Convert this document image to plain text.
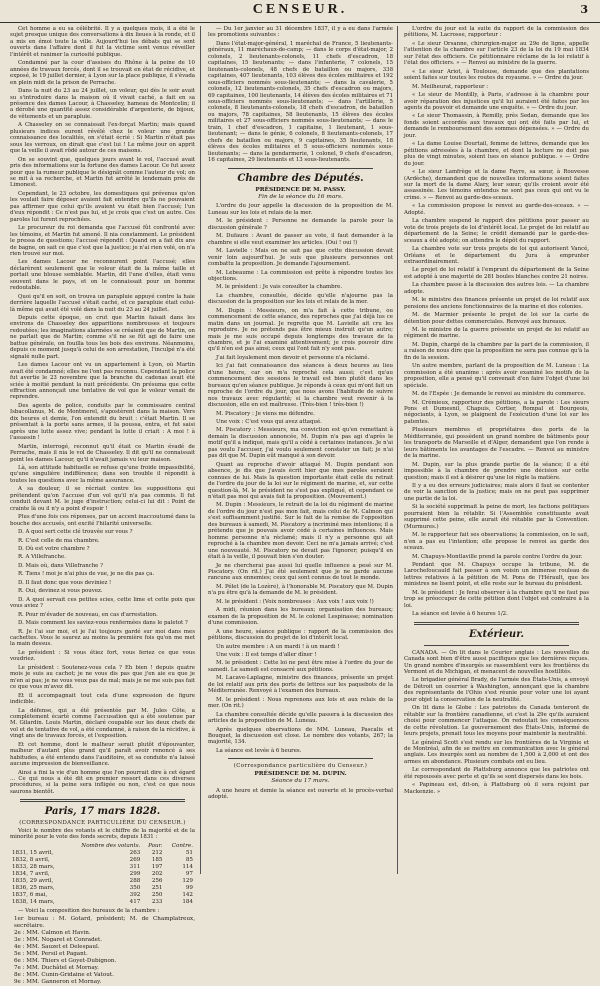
CENSEUR.	3

Cet homme a eu sa célébrité. Il y a quelques mois, il a été le sujet presque unique des conversations à dix lieues à la ronde, et il a mis en émoi toute la ville. Aujourd'hui les débats qui se sont ouverts dans l'affaire dont il fut la victime sont venus réveiller l'intérêt et ranimer la curiosité publique.

Condamné par la cour d'assises du Rhône à la peine de 10 années de travaux forcés, dont il se trouvait en état de récidive, et exposé, le 19 juillet dernier, à Lyon sur la place publique, il s'évada en plein midi de la prison de Perrache.

Dans la nuit du 23 au 24 juillet, un voleur, qui dès le soir avait su s'introduire dans la maison où il vivait caché, a fait en sa présence des dames Lacour, à Chasseley, hameau de Montcelin; il a dérobé une quantité assez considérable d'argenterie, de bijoux, de vêtements et un parapluie.

A Chasseley on se connaissait l'ex-forçat Martin; mais quand plusieurs indices eurent révélé chez le voleur une grande connaissance des localités, on s'était écrié : Si Martin n'était pas sous les verroux, on dirait que c'est lui ! Le même jour on apprit que la veille il avait rôdé autour de ces maisons.

On se souvint que, quelques jours avant le vol, l'accusé avait pris des informations sur la fortune des dames Lacour. Ce fut assez pour que la rumeur publique le désignât comme l'auteur du vol; on se mit à sa recherche, et Martin fut arrêté le lendemain près de Limonest.

Cependant, le 23 octobre, les domestiques qui prévenus qu'on les voulait faire déposer avaient fait entendre qu'ils ne pouvaient pas affirmer que celui qu'ils avaient vu était bien l'accusé; l'un d'eux répondit : Ce n'est pas lui, et je crois que c'est un autre. Ces paroles lui furent reprochées.

Le procureur du roi demanda que l'accusé fût confronté avec les témoins, et Martin fut amené. Il nia constamment. Le président le pressa de questions; l'accusé répondit : Quand on a fait dix ans de bagne, on sait ce que c'est que la justice; je n'ai rien volé, on n'a rien trouvé sur moi.

Les dames Lacour ne reconnurent point l'accusé; elles déclarèrent seulement que le voleur était de la même taille et portait une blouse semblable. Martin, dit l'une d'elles, était venu souvent dans le pays, et on le connaissait pour un homme redoutable.

Quoi qu'il en soit, on trouva un parapluie appuyé contre la haie derrière laquelle l'accusé s'était caché, et ce parapluie était celui-là même qui avait été volé dans la nuit du 23 au 24 juillet.

Depuis cette époque, on crut que Martin faisait dans les environs de Chasseley des apparitions nombreuses et toujours redoutées; les imaginations alarmées se créaient que de Martin, on ne parlait que de Martin; comme s'il ne se fût agi de faire une battue générale, on fouilla tous les bois des environs. Néanmoins, depuis ce moment jusqu'à celui de son arrestation, l'inculpé n'a été signalé nulle part.

Les dames Lacour ont vu un appartement à Lyon, où Martin avait été condamné; elles ne l'ont pas reconnu. Cependant la police fut avertie le 23 novembre que la branche du cadenas avait été sciée à moitié pendant la nuit précédente. On présuma que cette effraction annonçait une tentative de vol que le voleur venait de reprendre.

Des agents de police, conduits par le commissaire central Isbacollanus, M. de Montmerel, s'apostèrent dans la maison. Vers dix heures et demie, l'on entendit du bruit : c'était Martin. Il se présentait à la porte sans armes, il la poussa, entra, et fut saisi après une lutte assez vive; pendant la lutte il criait : A moi ! à l'assassin !

Martin, interrogé, reconnut qu'il était ce Martin évadé de Perrache, mais il nia le vol de Chasseley. Il dit qu'il ne connaissait point les dames Lacour, qu'il n'avait jamais vu leur maison.

Là, son attitude habituelle se refuse qu'une froide impassibilité, qu'une singulière indifférence; dans son trouble il répondit à toutes les questions avec la même assurance.

A sa douleur, il se récriait contre les suppositions qui prétendent qu'on l'accuse d'un vol qu'il n'a pas commis. Il fut conduit devant M. le juge d'instruction; celui-ci lui dit : Point de crainte là ou il n'y a point d'espoir !

Plus d'une fois ces réponses, par un accent inaccoutumé dans la bouche des accusés, ont excité l'hilarité universelle.

D. A quoi sert cette clé trouvée sur vous ?

R. C'est celle de ma chambre.

D. Où est votre chambre ?

R. A Villefranche.

D. Mais où, dans Villefranche ?

R. Tiens ! moi je n'ai plus de vue, je ne dis pas ça.

D. Il faut donc que vous deviniez !

R. Oui, devinez si vous pouvez.

D. A quoi servait ces petites scies, cette lime et cette poix que vous aviez ?

R. Pour m'évader de nouveau, en cas d'arrestation.

D. Mais comment les saviez-vous renfermées dans le paletot ?

R. Je l'ai sur moi, et je l'ai toujours gardé sur moi dans mes cachettes. Vous le saurez au moins la première fois qu'on me met la main dessus.

Le président : Si vous étiez fort, vous feriez ce que vous voudriez.

Le président : Soutenez-vous cela ? Eh bien ! depuis quatre mois je suis au cachot; je ne vous dis pas que j'en aie eu que je m'en ai pas; je ne vous veux pas de mal; mais je ne me suis pas fait ce que vous m'avez dit.

Et il accompagnait tout cela d'une expression de figure indicible.

La défense, qui a été présentée par M. Jules Côte, a complètement écarté comme l'accusation qui a été soutenue par M. Gilardin. Louis Martin, déclaré coupable sur les deux chefs de vol et de tentative de vol, a été condamné, à raison de la récidive, à vingt ans de travaux forcés, et l'exposition.

Et cet homme, dont le malheur serait plutôt d'épouvanter, malheur d'autant plus grand qu'il paraît avoir renoncé à ses habitudes, a été entendu dans l'auditoire, et sa conduite n'a laissé aucune impression de bienveillance.

Ainsi a fini la vie d'un homme que l'on pourrait dire à cet égard ... Ce qui nous a été dit en premier ressort dans ces diverses procédures, si la peine sera infligée ou non, c'est ce que nous saurons bientôt.

Paris, 17 mars 1828.
(CORRESPONDANCE PARTICULIÈRE DU CENSEUR.)

Voici le nombre des votants et le chiffre de la majorité et de la minorité pour le vote des fonds secrets, depuis 1831 :

	Nombre des votants.	Pour.	Contre.
1831, 15 avril,	263	212	51
1832, 8 avril,	269	185	85
1833, 28 mars,	311	197	114
1834, 7 avril,	299	202	97
1835, 29 avril,	288	256	129
1836, 25 mars,	350	251	99
1837, 6 mai,	392	250	142
1838, 14 mars,	417	233	184

— Voici la composition des bureaux de la chambre :

1er bureau : M. Gotard, président; M. de Champlatreux, secrétaire.
2e : MM. Calmon et Havin.
3e : MM. Nogaret et Conradet.
4e : MM. Sauzet et Delespaul.
5e : MM. Persil et Pagant.
6e : MM. Thiers et Goyet-Dubignon.
7e : MM. Duchâtel et Mornay.
8e : MM. Cunin-Gridaine et Vatout.
9e : MM. Ganneron et Mornay.

— Du 1er janvier au 31 décembre 1837, il y a eu dans l'armée les promotions suivantes :

Dans l'état-major-général, 1 maréchal de France, 5 lieutenants-généraux, 11 maréchaux-de-camp; — dans le corps d'état-major, 2 colonels, 2 lieutenants-colonels, 11 chefs d'escadron, 18 capitaines, 15 lieutenants; — dans l'infanterie, 7 colonels, 15 lieutenants-colonels, 48 chefs de bataillon ou majors, 338 capitaines, 407 lieutenants, 103 élèves des écoles militaires et 192 sous-officiers nommés sous-lieutenants; — dans la cavalerie, 5 colonels, 12 lieutenants-colonels, 35 chefs d'escadron ou majors, 69 capitaines, 100 lieutenants, 14 élèves des écoles militaires et 71 sous-officiers nommés sous-lieutenants; — dans l'artillerie, 5 colonels, 8 lieutenants-colonels, 18 chefs d'escadron, de bataillon ou majors, 78 capitaines, 58 lieutenants, 15 élèves des écoles militaires et 27 sous-officiers nommés sous-lieutenants; — dans le train, 1 chef d'escadron, 1 capitaine, 1 lieutenant, 1 sous-lieutenant; — dans le génie, 6 colonels, 8 lieutenants-colonels, 17 chefs de bataillon ou majors, 9 capitaines, 35 lieutenants, 18 élèves des écoles militaires et 5 sous-officiers nommés sous-lieutenants; — dans la gendarmerie, 1 colonel, 9 chefs d'escadron, 16 capitaines, 29 lieutenants et 13 sous-lieutenants.

Chambre des Députés.
PRÉSIDENCE DE M. PASSY.
Fin de la séance du 16 mars.

L'ordre du jour appelle la discussion de la proposition de M. Luneau sur les lois et relais de la mer.

M. le président : Personne ne demande la parole pour la discussion générale ?

M. Dufaure : Avant de passer au vote, il faut demander à la chambre si elle veut examiner les articles. (Oui ! oui !)

M. Lavielle : Mais on ne sait pas que cette discussion devait venir loin aujourd'hui. Je suis que plusieurs personnes ont combattu la proposition. Je demande l'ajournement.

M. Lebeaume : La commission est prête à répondre toutes les objections.

M. le président : Je vais consulter la chambre.

La chambre, consultée, décide qu'elle n'ajourne pas la discussion de la proposition sur les lois et relais de la mer.

M. Dupin : Messieurs, on m'a fait à cette tribune, ou commencement de cette séance, des reproches que j'ai déjà lus ce matin dans un journal. Je regrette que M. Lavielle ait cru les reproduire. Je ne prétends pas être mieux instruit qu'un autre; mais je me suis occupé depuis longtemps des travaux de la chambre, et je l'ai examiné attentivement; je crois pouvoir dire qu'il n'en est pas ainsi; ceux qui l'ont fait n'y sont pas.

J'ai fait loyalement mon devoir et personne n'a réclamé.

Ici j'ai fait connaissance des séances à deux heures au lieu d'une heure, car on m'a reproché cela aussi; c'est qu'au commencement des sessions le travail est bien plutôt dans les bureaux qu'en séance publique. Je réponds à ceux qui m'ont fait un reproche de l'ordre du jour, que nous avons l'habitude de suivre nos travaux avec régularité; si la chambre veut revenir à la discussion, elle en est maîtresse. (Très-bien ! très-bien !)

M. Piscatory : Je viens me défendre.

Une voix : C'est vous qui avez attaqué.

M. Piscatory : Messieurs, ma conviction est qu'en remettant à demain la discussion annoncée, M. Dupin n'a pas agi d'après le motif qu'il a indiqué, mais qu'il a cédé à certaines instances. Je n'ai pas voulu l'accuser, j'ai voulu seulement constater un fait; je n'ai pas dit que M. Dupin eût manqué à son devoir.

Quant au reproche d'avoir attaqué M. Dupin pendant son absence, je dis que j'avais écrit hier que mes paroles seraient connues de lui. Mais la question importante était celle du retrait de l'ordre du jour de la loi sur le régiment de marine, et, sur cette question-là, M. le président ne s'est pas expliqué, et cependant ce n'était pas moi qui avais fait la proposition. (Mouvement.)

M. Dupin : Messieurs, le retrait de la loi du régiment de marine de l'ordre du jour n'est pas mon fait, mais celui de M. Calmon qui s'est suffisamment justifié. Sur le fait de la remise de l'opposition des bureaux à samedi, M. Piscatory a incriminé mes intentions; il a prétendu que je pouvais avoir cédé à certaines influences. Mais homme personne n'a réclamé; mais il n'y a personne qui ait reproché à la chambre mon devoir. Ceci ne m'a jamais arrivé; c'est une nouveauté. M. Piscatory ne devait pas l'ignorer; puisqu'il en était à la veille, il pouvait bien s'en douter.

Je ne chercherai pas aussi lui quelle influence a pesé sur M. Piscatory. (On rit.) J'ai été seulement que je ne garde aucune rancune aux ennemies; ceux qui sont connus de tout le monde.

M. Pélet (de la Lozère), à l'honorable M. Piscatory que M. Dupin n'a pu être qu'à la demande de M. le président.

M. le président : (Voix nombreuses : Aux voix ! aux voix !)

A midi, réunion dans les bureaux; organisation des bureaux; examen de la proposition de M. le colonel Lespinasse; nomination d'une commission.

A une heure, séance publique : rapport de la commission des pétitions, discussion du projet de loi d'intérêt local.

Un autre membre : A un mardi ! à un mardi !

Une voix : Il est temps d'aller dîner !

M. le président : Cette loi ne peut être mise à l'ordre du jour de samedi. Le samedi est consacré aux pétitions.

M. Lacave-Laplagne, ministre des finances, présente un projet de loi relatif aux prix des ports de lettres sur les paquebots de la Méditerranée. Renvoyé à l'examen des bureaux.

M. le président : Nous reprenons aux lois et aux relais de la mer. (On rit.)

La chambre consultée décide qu'elle passera à la discussion des articles de la proposition de M. Luneau.

Après quelques observations de MM. Luneau, Pascalis et Bouquet, la discussion est close. Le nombre des votants, 267; la majorité, 134.

La séance est levée à 6 heures.

(Correspondance particulière du Censeur.)
PRÉSIDENCE DE M. DUPIN.
Séance du 17 mars.

A une heure et demie la séance est ouverte et le procès-verbal adopté.

L'ordre du jour est la suite du rapport de la commission des pétitions, M. Lacrosse, rapporteur :

« Le sieur Orsanne, chirurgien-major au 29e de ligne, appelle l'attention de la chambre sur l'article 23 de la loi du 19 mai 1834 sur l'état des officiers. Ce pétitionnaire réclame de la loi relatif à l'état des officiers. » — Renvoi au ministre de la guerre.

« Le sieur Ariot, à Toulouse, demande que des plantations soient faites sur toutes les routes du royaume. » — Ordre du jour.

M. Meilheurat, rapporteur :

« Le sieur de Montilly, à Paris, s'adresse à la chambre pour avoir réparation des injustices qu'il lui auraient été faites par les agents du pouvoir et demande une enquête. » — Ordre du jour.

« Le sieur Thomassin, à Remilly, près Sedan, demande que les fonds soient accordés aux travaux qui ont été faits par lui, et demande le remboursement des sommes dépensées. » — Ordre du jour.

« La dame Louise Dourtail, femme de lettres, demande que les pétitions adressées à la chambre, et dont la lecture ne doit pas plus de vingt minutes, soient lues en séance publique. » — Ordre du jour.

« Le sieur Lamfrège et la dame Fayre, sa sœur, à Rouvesse (Ardèche), demandent que de nouvelles informations soient faites sur la mort de la dame Alary, leur sœur, qu'ils croient avoir été assassinée. Les témoins entendus ne sont pas ceux qui ont vu le crime. » — Renvoi au garde-des-sceaux.

« La commission propose le renvoi au garde-des-sceaux. » — Adopté.

La chambre suspend le rapport des pétitions pour passer au vote de trois projets de loi d'intérêt local. Le projet de loi relatif au département de la Seine; le crédit demandé par le garde-des-sceaux a été adopté; on attendra le dépôt du rapport.

La chambre vote sur trois projets de loi qui autorisent Vancé, Orléans et le département du Jura à emprunter extraordinairement.

Le projet de loi relatif à l'emprunt du département de la Seine est adopté à une majorité de 281 boules blanches contre 21 noires.

La chambre passe à la discussion des autres lois. — La chambre adopte.

M. le ministre des finances présente un projet de loi relatif aux pensions des anciens fonctionnaires de la marine et des colonies.

M. de Marmier présente le projet de loi sur la carte de détention pour dettes commerciales. Renvoyé aux bureaux.

M. le ministre de la guerre présente un projet de loi relatif au régiment de marine.

M. Dupin, chargé de la chambre par la part de la commission, il a raison de nous dire que la proposition ne sera pas connue qu'à la fin de la session.

Un autre membre, parlant de la proposition de M. Luneau : La commission a été unanime : après avoir examiné les motifs de la proposition, elle a pensé qu'il convenait d'en faire l'objet d'une loi spéciale.

M. de l'Espée : Je demande le renvoi au ministre du commerce.

M. Crémieux, rapporteur des pétitions, a la parole : Les sieurs Pons et Dumesnil, Chapuis, Cortier, Rompal et Bourgeois, négociants, à Lyon, se plaignent de l'exécution d'une loi sur les patentes.

Plusieurs membres et propriétaires des ports de la Méditerranée, qui possèdent un grand nombre de bâtiments pour les transports de Marseille et d'Alger, demandent que l'on rende à leurs bâtiments les avantages de l'escadre. — Renvoi au ministre de la marine.

M. Dupin, sur la plus grande partie de la séance; il a été impossible à la chambre de prendre une décision sur cette question; mais il est à désirer qu'une loi règle la matière.

Il y a eu des erreurs judiciaires; mais alors il faut se contenter de voir la sanction de la justice; mais on ne peut pas supprimer une partie de la loi.

Si la société supprimait la peine de mort, les factions politiques pourraient bien la rétablir. Si l'Assemblée constituante avait supprimé cette peine, elle aurait été rétablie par la Convention. (Murmures.)

M. le rapporteur fait ses observations; la commission, on le sait, n'en a pas eu l'intention; elle propose le renvoi au garde des sceaux.

M. Chapuys-Montlaville prend la parole contre l'ordre du jour.

Pendant que M. Chapuys occupe la tribune, M. de Larochefoucauld fait passer à son voisin un immense rouleau de lettres relatives à la pétition de M. Pons de l'Hérault, que les ministres ne lisent point, et elle reste sur le bureau du président.

M. le président : Je ferai observer à la chambre qu'il ne faut pas trop se préoccuper de cette pétition dont l'objet est contraire à la loi.

La séance est levée à 6 heures 1/2.

Extérieur.

CANADA. — On lit dans le Courier anglais : Les nouvelles du Canada sont bien d'être aussi pacifiques que les dernières reçues. Un grand nombre d'insurgés se rassemblent vers les frontières du Vermont et du Michigan, et menacent de nouvelles hostilités.

Le brigadier général Brady, de l'armée des États-Unis, a envoyé de Détroit un courrier à Washington, annonçant que la chambre des représentants de l'Ohio s'est réunie pour voter une loi ayant pour objet la conservation de la neutralité.

On lit dans le Globe : Les patriotes du Canada tenteront de rétablir sur la frontière canadienne, et c'est la 29e qu'ils auraient choisi pour commencer l'attaque. On redoutait les conséquences de cette révolution. Le gouvernement des États-Unis, informé de leurs projets, prenait tous les moyens pour maintenir la neutralité.

Le général Scott s'est rendu sur les frontières de la Virginie et de Montréal, afin de se mettre en communication avec le général anglais. Les insurgés sont au nombre de 1,500 à 2,000 et ont des armes en abondance. Plusieurs combats ont eu lieu.

Le correspondant de Plattsburg annonce que les patriotes ont été repoussés avec perte et qu'ils se sont dispersés dans les bois.

« Papineau est, dit-on, à Plattsburg où il sera rejoint par Mackenzie. »
